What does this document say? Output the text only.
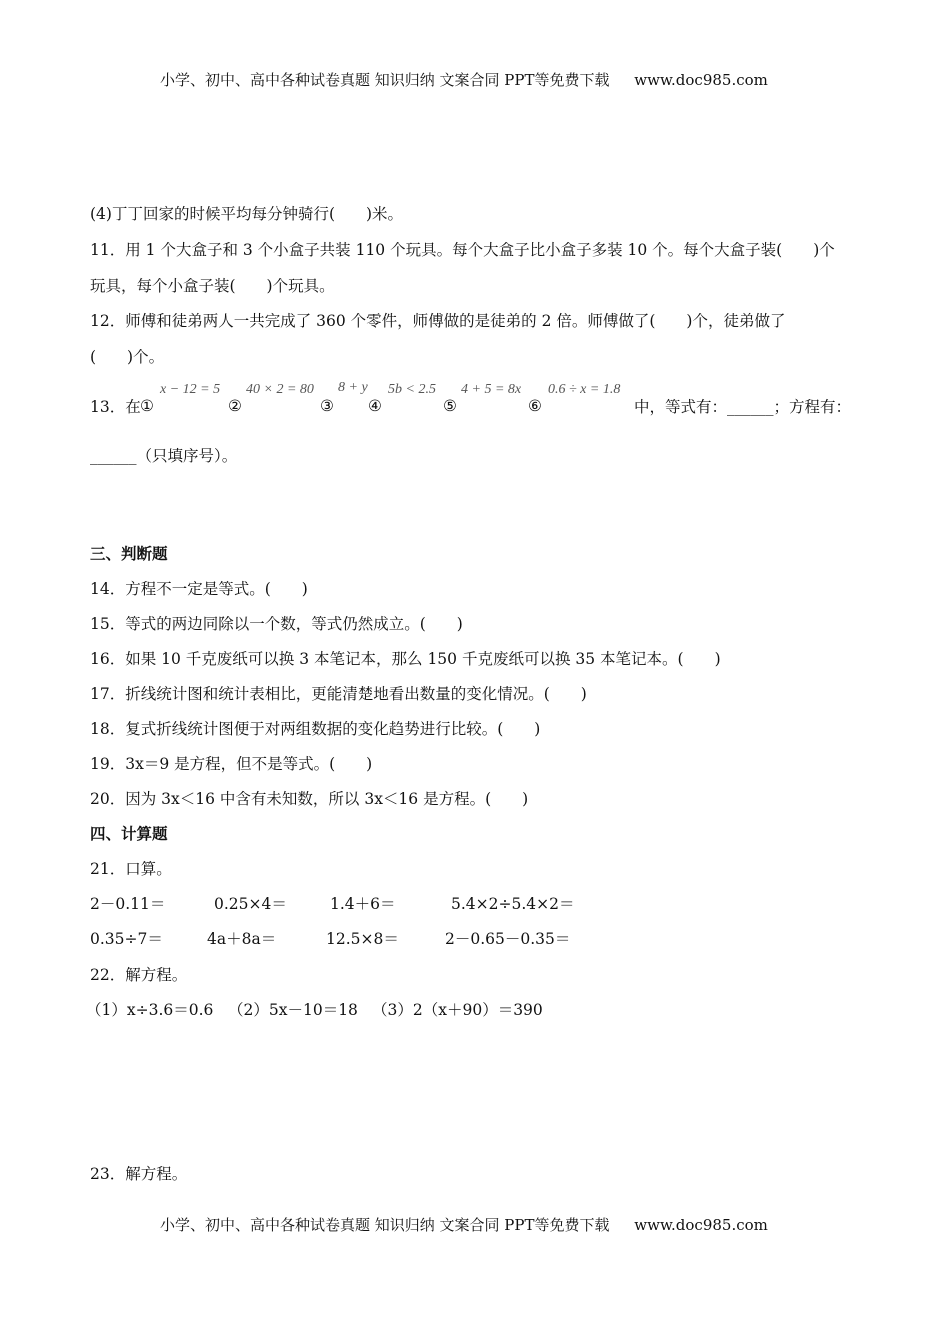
小学、初中、高中各种试卷真题 知识归纳 文案合同 PPT等免费下载 www.doc985.com
(4)丁丁回家的时候平均每分钟骑行(　　)米。
11．用 1 个大盒子和 3 个小盒子共装 110 个玩具。每个大盒子比小盒子多装 10 个。每个大盒子装(　　)个
玩具，每个小盒子装(　　)个玩具。
12．师傅和徒弟两人一共完成了 360 个零件，师傅做的是徒弟的 2 倍。师傅做了(　　)个，徒弟做了
(　　)个。
13．在 ①
x − 12 = 5
②
40 × 2 = 80
③
8 + y
④
5b < 2.5
⑤
4 + 5 = 8x
⑥
0.6 ÷ x = 1.8
中，等式有：______；方程有：
______（只填序号）。
三、判断题
14．方程不一定是等式。(　　)
15．等式的两边同除以一个数，等式仍然成立。(　　)
16．如果 10 千克废纸可以换 3 本笔记本，那么 150 千克废纸可以换 35 本笔记本。(　　)
17．折线统计图和统计表相比，更能清楚地看出数量的变化情况。(　　)
18．复式折线统计图便于对两组数据的变化趋势进行比较。(　　)
19．3x＝9 是方程，但不是等式。(　　)
20．因为 3x＜16 中含有未知数，所以 3x＜16 是方程。(　　)
四、计算题
21．口算。
2－0.11＝	0.25×4＝	1.4＋6＝	5.4×2÷5.4×2＝
0.35÷7＝	4a＋8a＝	12.5×8＝	2－0.65－0.35＝
22．解方程。
（1）x÷3.6＝0.6 （2）5x－10＝18 （3）2（x＋90）＝390
23．解方程。
小学、初中、高中各种试卷真题 知识归纳 文案合同 PPT等免费下载 www.doc985.com
